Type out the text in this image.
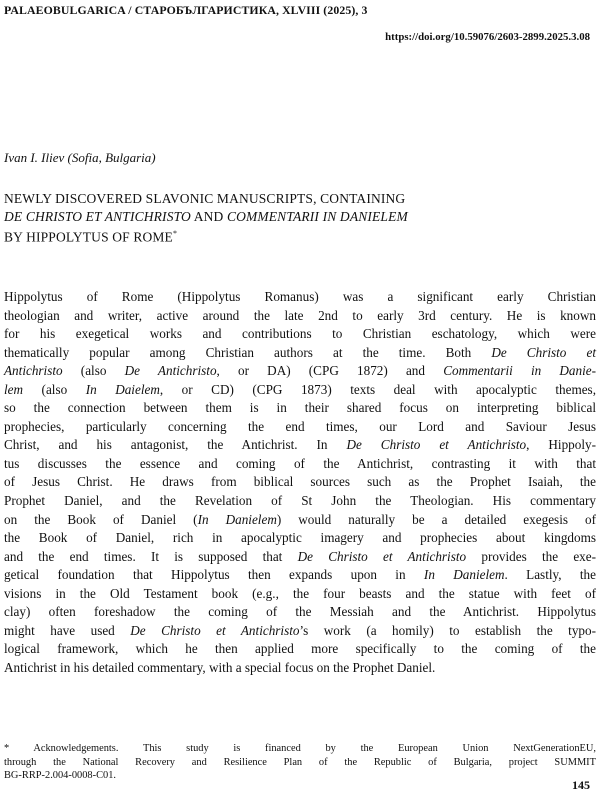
PALAEOBULGARICA / СТАРОБЪЛГАРИСТИКА, XLVIII (2025), 3
https://doi.org/10.59076/2603-2899.2025.3.08
Ivan I. Iliev (Sofia, Bulgaria)
NEWLY DISCOVERED SLAVONIC MANUSCRIPTS, CONTAINING
DE CHRISTO ET ANTICHRISTO AND COMMENTARII IN DANIELEM
BY HIPPOLYTUS OF ROME*
Hippolytus of Rome (Hippolytus Romanus) was a significant early Christian
theologian and writer, active around the late 2nd to early 3rd century. He is known
for his exegetical works and contributions to Christian eschatology, which were
thematically popular among Christian authors at the time. Both De Christo et
Antichristo (also De Antichristo, or DA) (CPG 1872) and Commentarii in Danie-
lem (also In Daielem, or CD) (CPG 1873) texts deal with apocalyptic themes,
so the connection between them is in their shared focus on interpreting biblical
prophecies, particularly concerning the end times, our Lord and Saviour Jesus
Christ, and his antagonist, the Antichrist. In De Christo et Antichristo, Hippoly-
tus discusses the essence and coming of the Antichrist, contrasting it with that
of Jesus Christ. He draws from biblical sources such as the Prophet Isaiah, the
Prophet Daniel, and the Revelation of St John the Theologian. His commentary
on the Book of Daniel (In Danielem) would naturally be a detailed exegesis of
the Book of Daniel, rich in apocalyptic imagery and prophecies about kingdoms
and the end times. It is supposed that De Christo et Antichristo provides the exe-
getical foundation that Hippolytus then expands upon in In Danielem. Lastly, the
visions in the Old Testament book (e.g., the four beasts and the statue with feet of
clay) often foreshadow the coming of the Messiah and the Antichrist. Hippolytus
might have used De Christo et Antichristo’s work (a homily) to establish the typo-
logical framework, which he then applied more specifically to the coming of the
Antichrist in his detailed commentary, with a special focus on the Prophet Daniel.
* Acknowledgements. This study is financed by the European Union NextGenerationEU,
through the National Recovery and Resilience Plan of the Republic of Bulgaria, project SUMMIT
BG-RRP-2.004-0008-C01.
145
